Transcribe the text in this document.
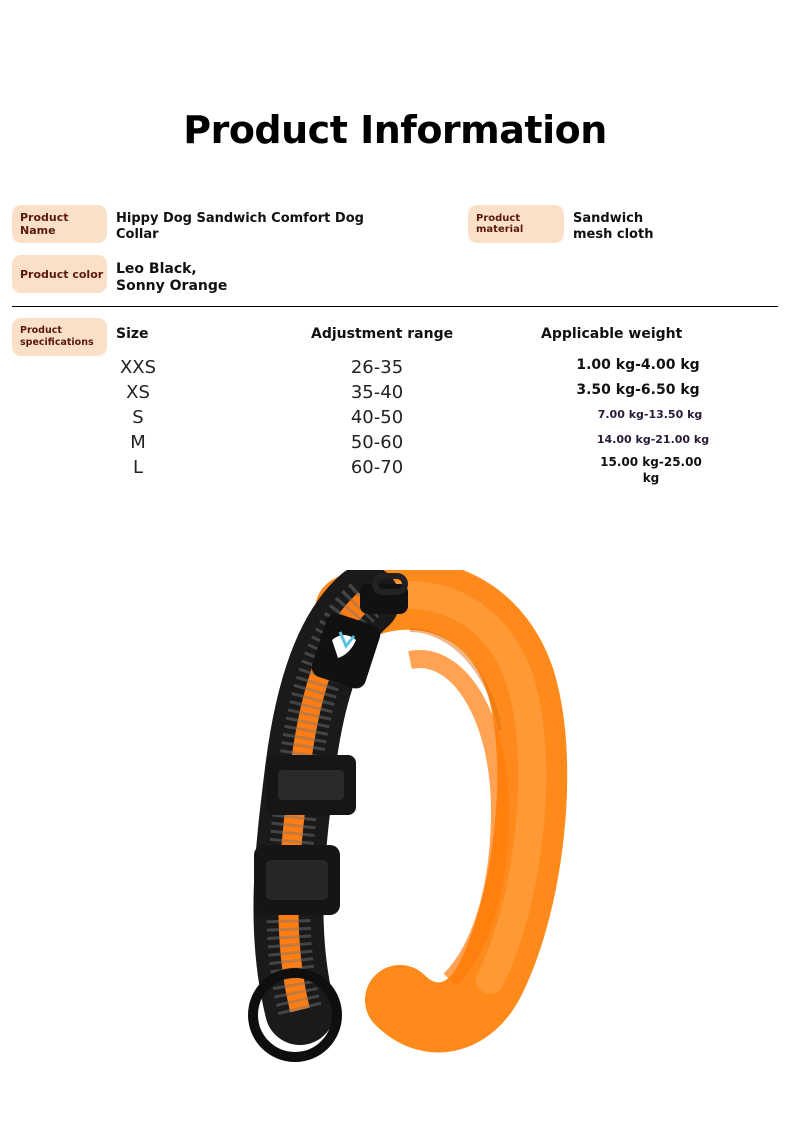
Product Information
Product Name
Hippy Dog Sandwich Comfort Dog Collar
Product material
Sandwich mesh cloth
Product color Leo Black, Sonny Orange
Product specifications
Size	Adjustment range	Applicable weight
XXS	26-35	1.00 kg-4.00 kg
XS	35-40	3.50 kg-6.50 kg
S	40-50	7.00 kg-13.50 kg
M	50-60	14.00 kg-21.00 kg
L	60-70	15.00 kg-25.00 kg
